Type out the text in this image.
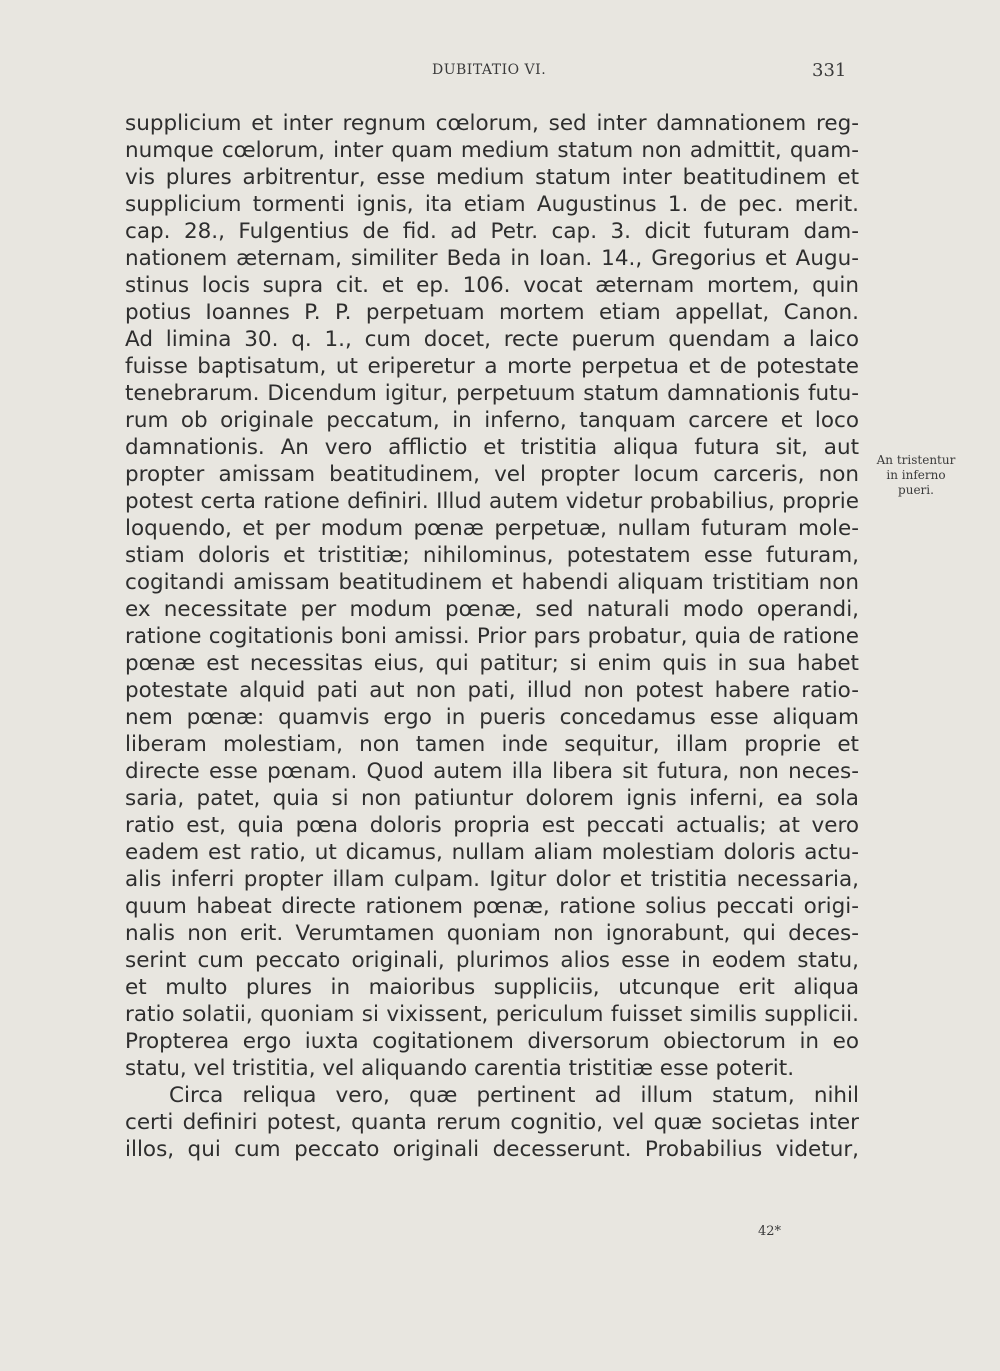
DUBITATIO VI.	331
supplicium et inter regnum cœlorum, sed inter damnationem reg-
numque cœlorum, inter quam medium statum non admittit, quam-
vis plures arbitrentur, esse medium statum inter beatitudinem et
supplicium tormenti ignis, ita etiam Augustinus 1. de pec. merit.
cap. 28., Fulgentius de fid. ad Petr. cap. 3. dicit futuram dam-
nationem æternam, similiter Beda in Ioan. 14., Gregorius et Augu-
stinus locis supra cit. et ep. 106. vocat æternam mortem, quin
potius Ioannes P. P. perpetuam mortem etiam appellat, Canon.
Ad limina 30. q. 1., cum docet, recte puerum quendam a laico
fuisse baptisatum, ut eriperetur a morte perpetua et de potestate
tenebrarum. Dicendum igitur, perpetuum statum damnationis futu-
rum ob originale peccatum, in inferno, tanquam carcere et loco
damnationis. An vero afflictio et tristitia aliqua futura sit, aut
propter amissam beatitudinem, vel propter locum carceris, non
potest certa ratione definiri. Illud autem videtur probabilius, proprie
loquendo, et per modum pœnæ perpetuæ, nullam futuram mole-
stiam doloris et tristitiæ; nihilominus, potestatem esse futuram,
cogitandi amissam beatitudinem et habendi aliquam tristitiam non
ex necessitate per modum pœnæ, sed naturali modo operandi,
ratione cogitationis boni amissi. Prior pars probatur, quia de ratione
pœnæ est necessitas eius, qui patitur; si enim quis in sua habet
potestate alquid pati aut non pati, illud non potest habere ratio-
nem pœnæ: quamvis ergo in pueris concedamus esse aliquam
liberam molestiam, non tamen inde sequitur, illam proprie et
directe esse pœnam. Quod autem illa libera sit futura, non neces-
saria, patet, quia si non patiuntur dolorem ignis inferni, ea sola
ratio est, quia pœna doloris propria est peccati actualis; at vero
eadem est ratio, ut dicamus, nullam aliam molestiam doloris actu-
alis inferri propter illam culpam. Igitur dolor et tristitia necessaria,
quum habeat directe rationem pœnæ, ratione solius peccati origi-
nalis non erit. Verumtamen quoniam non ignorabunt, qui deces-
serint cum peccato originali, plurimos alios esse in eodem statu,
et multo plures in maioribus suppliciis, utcunque erit aliqua
ratio solatii, quoniam si vixissent, periculum fuisset similis supplicii.
Propterea ergo iuxta cogitationem diversorum obiectorum in eo
statu, vel tristitia, vel aliquando carentia tristitiæ esse poterit.
Circa reliqua vero, quæ pertinent ad illum statum, nihil
certi definiri potest, quanta rerum cognitio, vel quæ societas inter
illos, qui cum peccato originali decesserunt. Probabilius videtur,
An tristentur
in inferno
pueri.
42*
